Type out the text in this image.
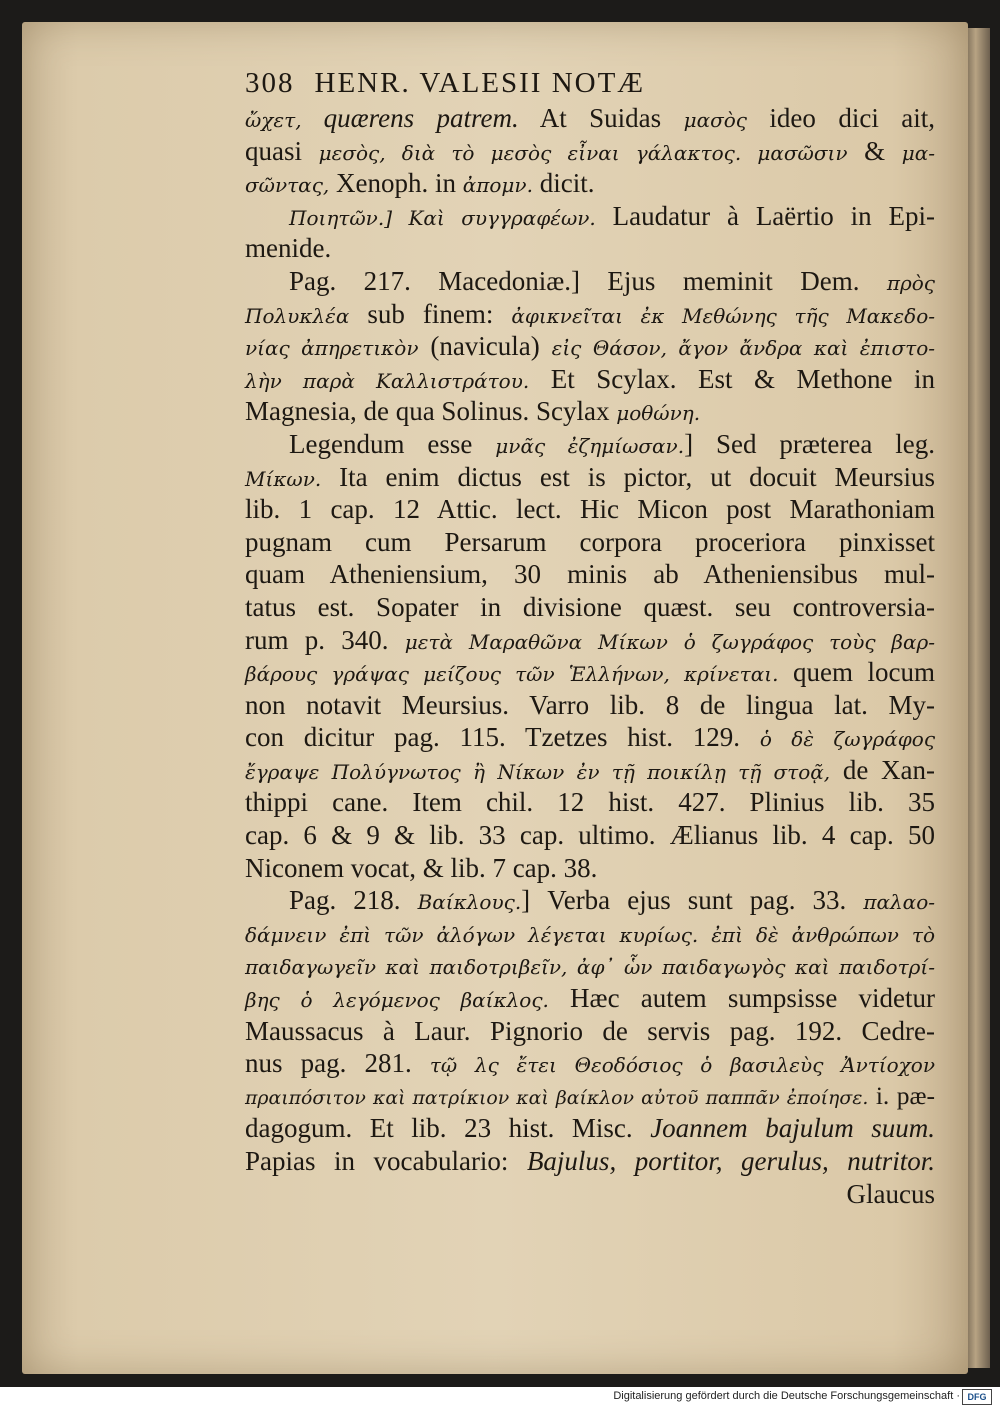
308 HENR. VALESII NOTÆ
ὤχετ, quærens patrem. At Suidas μασὸς ideo dici ait,
quasi μεσὸς, διὰ τὸ μεσὸς εἶναι γάλακτος. μασῶσιν & μα-
σῶντας, Xenoph. in ἀπομν. dicit.
Ποιητῶν.] Καὶ συγγραφέων. Laudatur à Laërtio in Epi-
menide.
Pag. 217. Macedoniæ.] Ejus meminit Dem. πρὸς
Πολυκλέα sub finem: ἀφικνεῖται ἐκ Μεθώνης τῆς Μακεδο-
νίας ἀπηρετικὸν (navicula) εἰς Θάσον, ἄγον ἄνδρα καὶ ἐπιστο-
λὴν παρὰ Καλλιστράτου. Et Scylax. Est & Methone in
Magnesia, de qua Solinus. Scylax μοθώνη.
Legendum esse μνᾶς ἐζημίωσαν.] Sed præterea leg.
Μίκων. Ita enim dictus est is pictor, ut docuit Meursius
lib. 1 cap. 12 Attic. lect. Hic Micon post Marathoniam
pugnam cum Persarum corpora proceriora pinxisset
quam Atheniensium, 30 minis ab Atheniensibus mul-
tatus est. Sopater in divisione quæst. seu controversia-
rum p. 340. μετὰ Μαραθῶνα Μίκων ὁ ζωγράφος τοὺς βαρ-
βάρους γράψας μείζους τῶν Ἑλλήνων, κρίνεται. quem locum
non notavit Meursius. Varro lib. 8 de lingua lat. My-
con dicitur pag. 115. Tzetzes hist. 129. ὁ δὲ ζωγράφος
ἔγραψε Πολύγνωτος ἢ Νίκων ἐν τῇ ποικίλῃ τῇ στοᾷ, de Xan-
thippi cane. Item chil. 12 hist. 427. Plinius lib. 35
cap. 6 & 9 & lib. 33 cap. ultimo. Ælianus lib. 4 cap. 50
Niconem vocat, & lib. 7 cap. 38.
Pag. 218. Βαίκλους.] Verba ejus sunt pag. 33. παλαο-
δάμνειν ἐπὶ τῶν ἀλόγων λέγεται κυρίως. ἐπὶ δὲ ἀνθρώπων τὸ
παιδαγωγεῖν καὶ παιδοτριβεῖν, ἀφ᾽ ὧν παιδαγωγὸς καὶ παιδοτρί-
βης ὁ λεγόμενος βαίκλος. Hæc autem sumpsisse videtur
Maussacus à Laur. Pignorio de servis pag. 192. Cedre-
nus pag. 281. τῷ λς ἔτει Θεοδόσιος ὁ βασιλεὺς Ἀντίοχον
πραιπόσιτον καὶ πατρίκιον καὶ βαίκλον αὐτοῦ παππᾶν ἐποίησε. i. pæ-
dagogum. Et lib. 23 hist. Misc. Joannem bajulum suum.
Papias in vocabulario: Bajulus, portitor, gerulus, nutritor.
Glaucus
Digitalisierung gefördert durch die Deutsche Forschungsgemeinschaft · DFG
